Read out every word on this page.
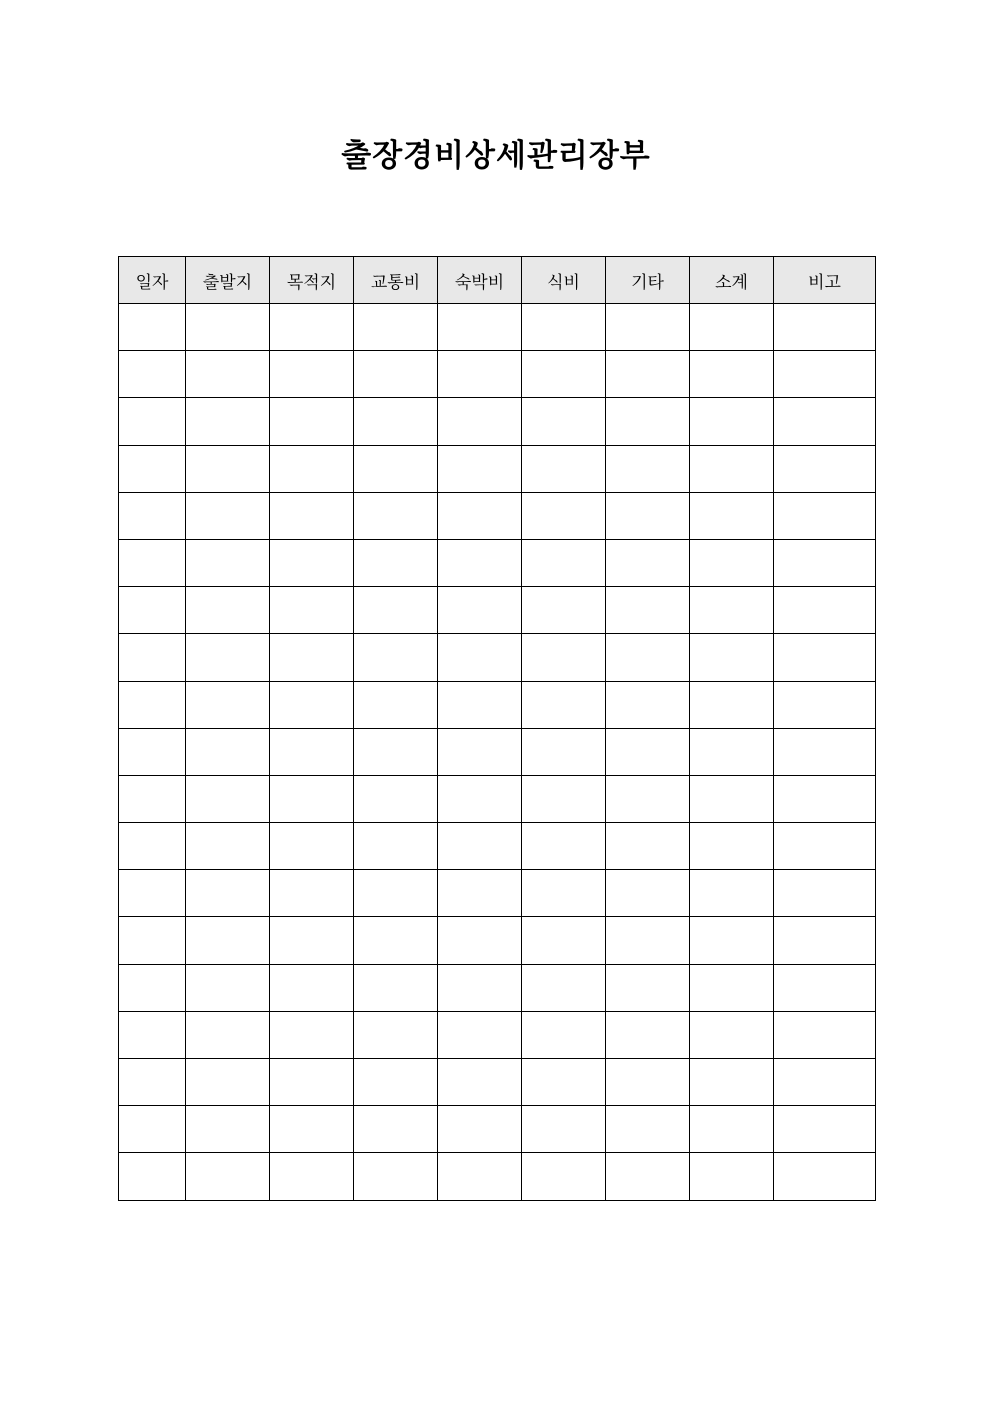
출장경비상세관리장부
일자	출발지	목적지	교통비	숙박비	식비	기타	소계	비고
